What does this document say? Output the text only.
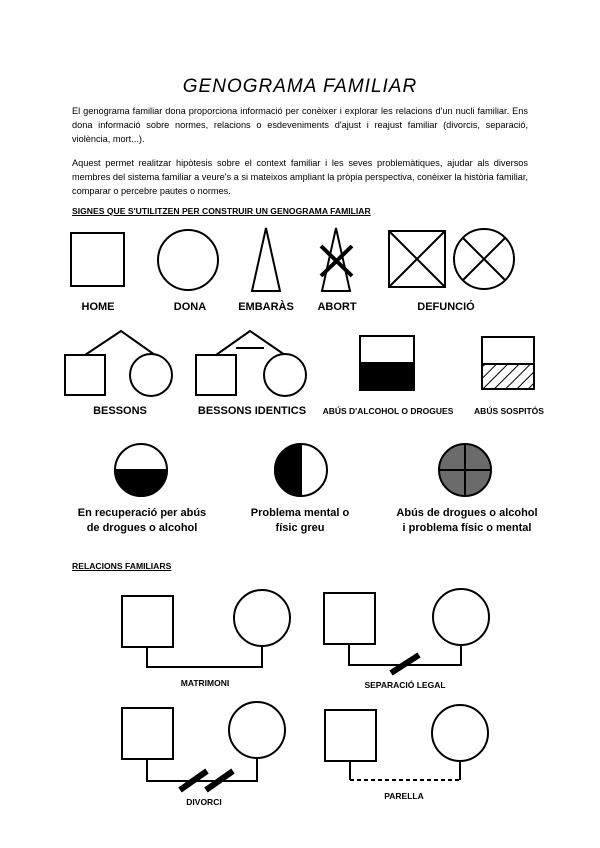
GENOGRAMA FAMILIAR

El genograma familiar dona proporciona informació per conèixer i explorar les relacions d'un nucli familiar. Ens dona informació sobre normes, relacions o esdeveniments d'ajust i reajust familiar (divorcis, separació, violència, mort...).

Aquest permet realitzar hipòtesis sobre el context familiar i les seves problemàtiques, ajudar als diversos membres del sistema familiar a veure's a si mateixos ampliant la pròpia perspectiva, conèixer la història familiar, comparar o percebre pautes o normes.

SIGNES QUE S'UTILITZEN PER CONSTRUIR UN GENOGRAMA FAMILIAR
RELACIONS FAMILIARS
HOME	DONA	EMBARÀS ABORT	DEFUNCIÓ
BESSONS	BESSONS IDENTICS ABÚS D'ALCOHOL O DROGUES ABÚS SOSPITÓS
En recuperació per abús
de drogues o alcohol
Problema mental o
físic greu
Abús de drogues o alcohol
i problema físic o mental
MATRIMONI	SEPARACIÓ LEGAL
DIVORCI
PARELLA
